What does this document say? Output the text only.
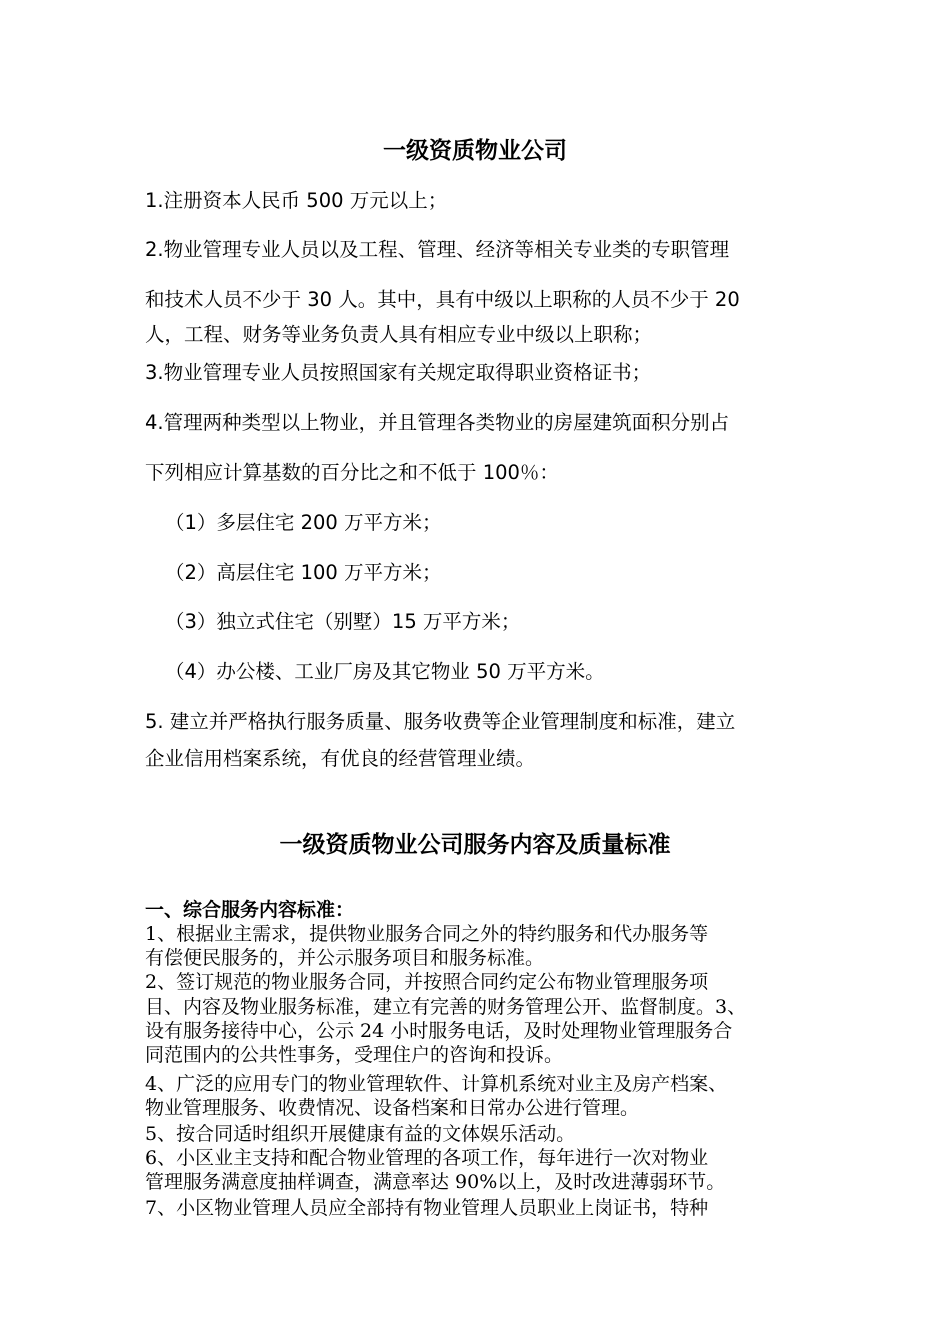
一级资质物业公司
1.注册资本人民币 500 万元以上；
2.物业管理专业人员以及工程、管理、经济等相关专业类的专职管理
和技术人员不少于 30 人。其中，具有中级以上职称的人员不少于 20
人，工程、财务等业务负责人具有相应专业中级以上职称；
3.物业管理专业人员按照国家有关规定取得职业资格证书；
4.管理两种类型以上物业，并且管理各类物业的房屋建筑面积分别占
下列相应计算基数的百分比之和不低于 100％：
（1）多层住宅 200 万平方米；
（2）高层住宅 100 万平方米；
（3）独立式住宅（别墅）15 万平方米；
（4）办公楼、工业厂房及其它物业 50 万平方米。
5. 建立并严格执行服务质量、服务收费等企业管理制度和标准，建立
企业信用档案系统，有优良的经营管理业绩。
一级资质物业公司服务内容及质量标准
一、综合服务内容标准：
1、根据业主需求，提供物业服务合同之外的特约服务和代办服务等
有偿便民服务的，并公示服务项目和服务标准。
2、签订规范的物业服务合同，并按照合同约定公布物业管理服务项
目、内容及物业服务标准，建立有完善的财务管理公开、监督制度。3、
设有服务接待中心，公示 24 小时服务电话，及时处理物业管理服务合
同范围内的公共性事务，受理住户的咨询和投诉。
4、广泛的应用专门的物业管理软件、计算机系统对业主及房产档案、
物业管理服务、收费情况、设备档案和日常办公进行管理。
5、按合同适时组织开展健康有益的文体娱乐活动。
6、小区业主支持和配合物业管理的各项工作，每年进行一次对物业
管理服务满意度抽样调查，满意率达 90%以上，及时改进薄弱环节。
7、小区物业管理人员应全部持有物业管理人员职业上岗证书，特种
